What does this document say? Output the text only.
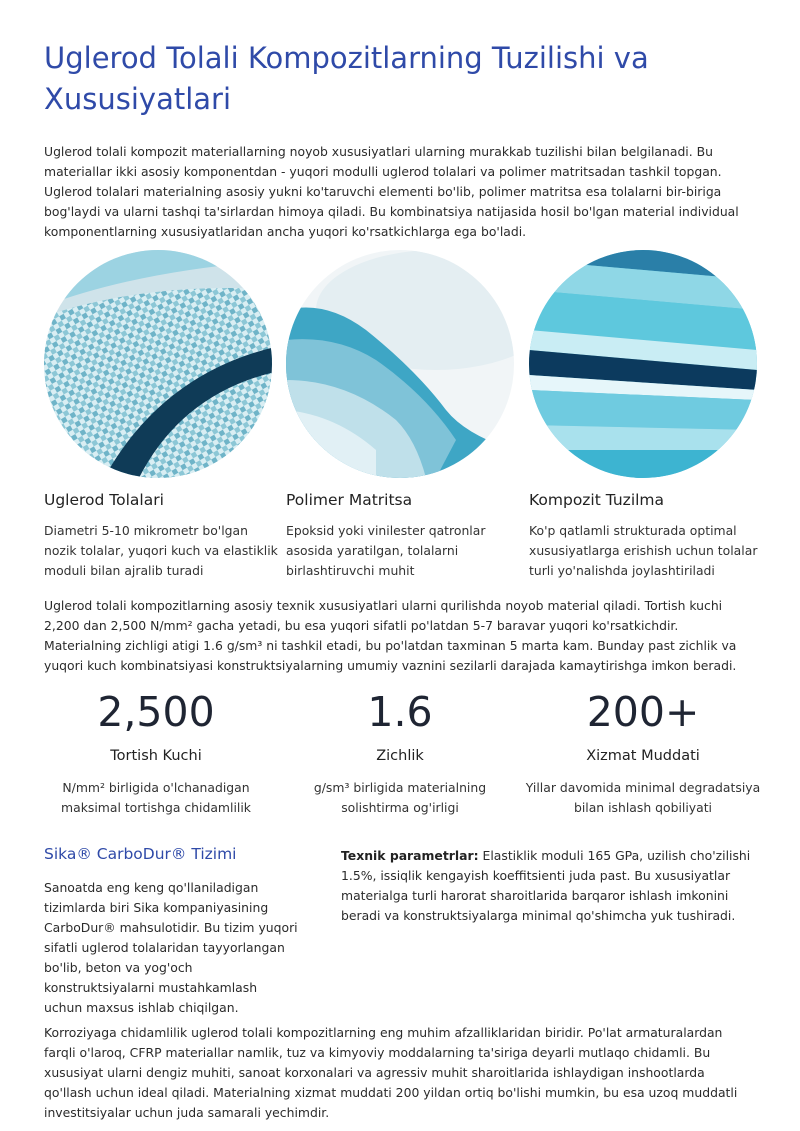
Uglerod Tolali Kompozitlarning Tuzilishi va Xususiyatlari

Uglerod tolali kompozit materiallarning noyob xususiyatlari ularning murakkab tuzilishi bilan belgilanadi. Bu materiallar ikki asosiy komponentdan - yuqori modulli uglerod tolalari va polimer matritsadan tashkil topgan. Uglerod tolalari materialning asosiy yukni ko'taruvchi elementi bo'lib, polimer matritsa esa tolalarni bir-biriga bog'laydi va ularni tashqi ta'sirlardan himoya qiladi. Bu kombinatsiya natijasida hosil bo'lgan material individual komponentlarning xususiyatlaridan ancha yuqori ko'rsatkichlarga ega bo'ladi.

Uglerod Tolalari	Polimer Matritsa	Kompozit Tuzilma

Diametri 5-10 mikrometr bo'lgan nozik tolalar, yuqori kuch va elastiklik moduli bilan ajralib turadi

Epoksid yoki vinilester qatronlar asosida yaratilgan, tolalarni birlashtiruvchi muhit

Ko'p qatlamli strukturada optimal xususiyatlarga erishish uchun tolalar turli yo'nalishda joylashtiriladi

Uglerod tolali kompozitlarning asosiy texnik xususiyatlari ularni qurilishda noyob material qiladi. Tortish kuchi 2,200 dan 2,500 N/mm² gacha yetadi, bu esa yuqori sifatli po'latdan 5-7 baravar yuqori ko'rsatkichdir. Materialning zichligi atigi 1.6 g/sm³ ni tashkil etadi, bu po'latdan taxminan 5 marta kam. Bunday past zichlik va yuqori kuch kombinatsiyasi konstruktsiyalarning umumiy vaznini sezilarli darajada kamaytirishga imkon beradi.

2,500
Tortish Kuchi
N/mm² birligida o'lchanadigan maksimal tortishga chidamlilik
1.6
Zichlik
g/sm³ birligida materialning solishtirma og'irligi
200+
Xizmat Muddati
Yillar davomida minimal degradatsiya bilan ishlash qobiliyati
Sika® CarboDur® Tizimi

Sanoatda eng keng qo'llaniladigan tizimlarda biri Sika kompaniyasining CarboDur® mahsulotidir. Bu tizim yuqori sifatli uglerod tolalaridan tayyorlangan bo'lib, beton va yog'och konstruktsiyalarni mustahkamlash uchun maxsus ishlab chiqilgan.

Texnik parametrlar: Elastiklik moduli 165 GPa, uzilish cho'zilishi 1.5%, issiqlik kengayish koeffitsienti juda past. Bu xususiyatlar materialga turli harorat sharoitlarida barqaror ishlash imkonini beradi va konstruktsiyalarga minimal qo'shimcha yuk tushiradi.

Korroziyaga chidamlilik uglerod tolali kompozitlarning eng muhim afzalliklaridan biridir. Po'lat armaturalardan farqli o'laroq, CFRP materiallar namlik, tuz va kimyoviy moddalarning ta'siriga deyarli mutlaqo chidamli. Bu xususiyat ularni dengiz muhiti, sanoat korxonalari va agressiv muhit sharoitlarida ishlaydigan inshootlarda qo'llash uchun ideal qiladi. Materialning xizmat muddati 200 yildan ortiq bo'lishi mumkin, bu esa uzoq muddatli investitsiyalar uchun juda samarali yechimdir.
